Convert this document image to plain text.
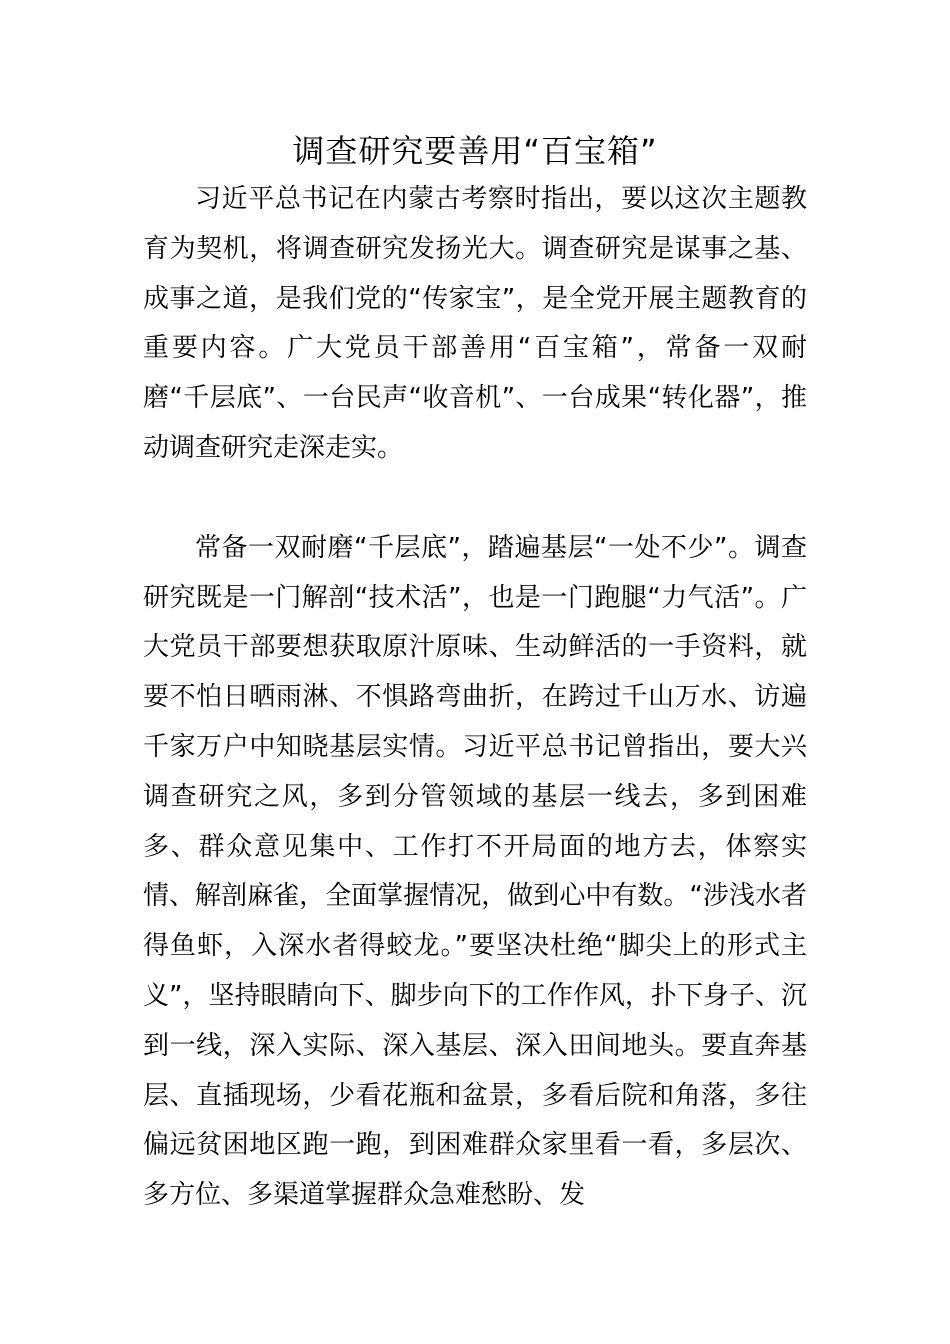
调查研究要善用“百宝箱”

习近平总书记在内蒙古考察时指出，要以这次主题教育为契机，将调查研究发扬光大。调查研究是谋事之基、成事之道，是我们党的“传家宝”，是全党开展主题教育的重要内容。广大党员干部善用“百宝箱”，常备一双耐磨“千层底”、一台民声“收音机”、一台成果“转化器”，推动调查研究走深走实。

常备一双耐磨“千层底”，踏遍基层“一处不少”。调查研究既是一门解剖“技术活”，也是一门跑腿“力气活”。广大党员干部要想获取原汁原味、生动鲜活的一手资料，就要不怕日晒雨淋、不惧路弯曲折，在跨过千山万水、访遍千家万户中知晓基层实情。习近平总书记曾指出，要大兴调查研究之风，多到分管领域的基层一线去，多到困难多、群众意见集中、工作打不开局面的地方去，体察实情、解剖麻雀，全面掌握情况，做到心中有数。“涉浅水者得鱼虾，入深水者得蛟龙。”要坚决杜绝“脚尖上的形式主义”，坚持眼睛向下、脚步向下的工作作风，扑下身子、沉到一线，深入实际、深入基层、深入田间地头。要直奔基层、直插现场，少看花瓶和盆景，多看后院和角落，多往偏远贫困地区跑一跑，到困难群众家里看一看，多层次、多方位、多渠道掌握群众急难愁盼、发
